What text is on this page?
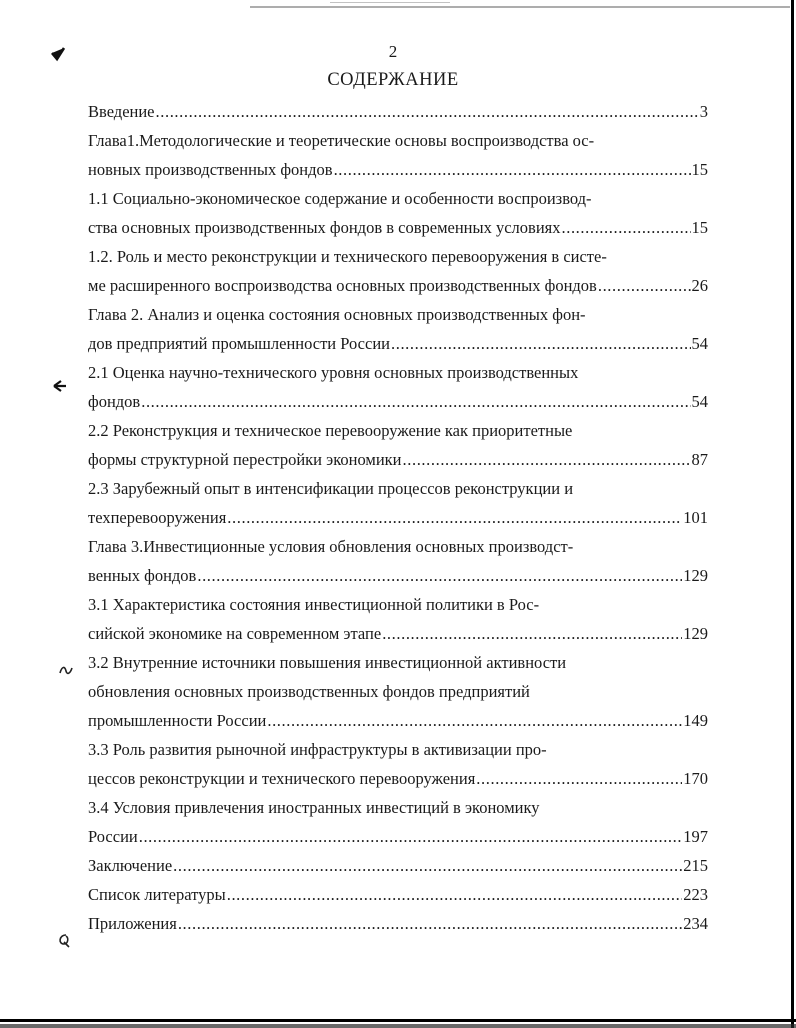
2
СОДЕРЖАНИЕ
Введение .....	3
Глава1.Методологические и теоретические основы воспроизводства ос-
новных производственных фондов .....	15
1.1 Социально-экономическое содержание и особенности воспроизвод-
ства основных производственных фондов в современных условиях .....	15
1.2. Роль и место реконструкции и технического перевооружения в систе-
ме расширенного воспроизводства основных производственных фондов .....	26
Глава 2. Анализ и оценка состояния основных производственных фон-
дов предприятий промышленности России .....	54
2.1 Оценка научно-технического уровня основных производственных
фондов .....	54
2.2 Реконструкция и техническое перевооружение как приоритетные
формы структурной перестройки экономики .....	87
2.3 Зарубежный опыт в интенсификации процессов реконструкции и
техперевооружения .....	101
Глава 3.Инвестиционные условия обновления основных производст-
венных фондов .....	129
3.1 Характеристика состояния инвестиционной политики в Рос-
сийской экономике на современном этапе .....	129
3.2 Внутренние источники повышения инвестиционной активности
обновления основных производственных фондов предприятий
промышленности России .....	149
3.3 Роль развития рыночной инфраструктуры в активизации про-
цессов реконструкции и технического перевооружения .....	170
3.4 Условия привлечения иностранных инвестиций в экономику
России .....	197
Заключение .....	215
Список литературы .....	223
Приложения .....	234
